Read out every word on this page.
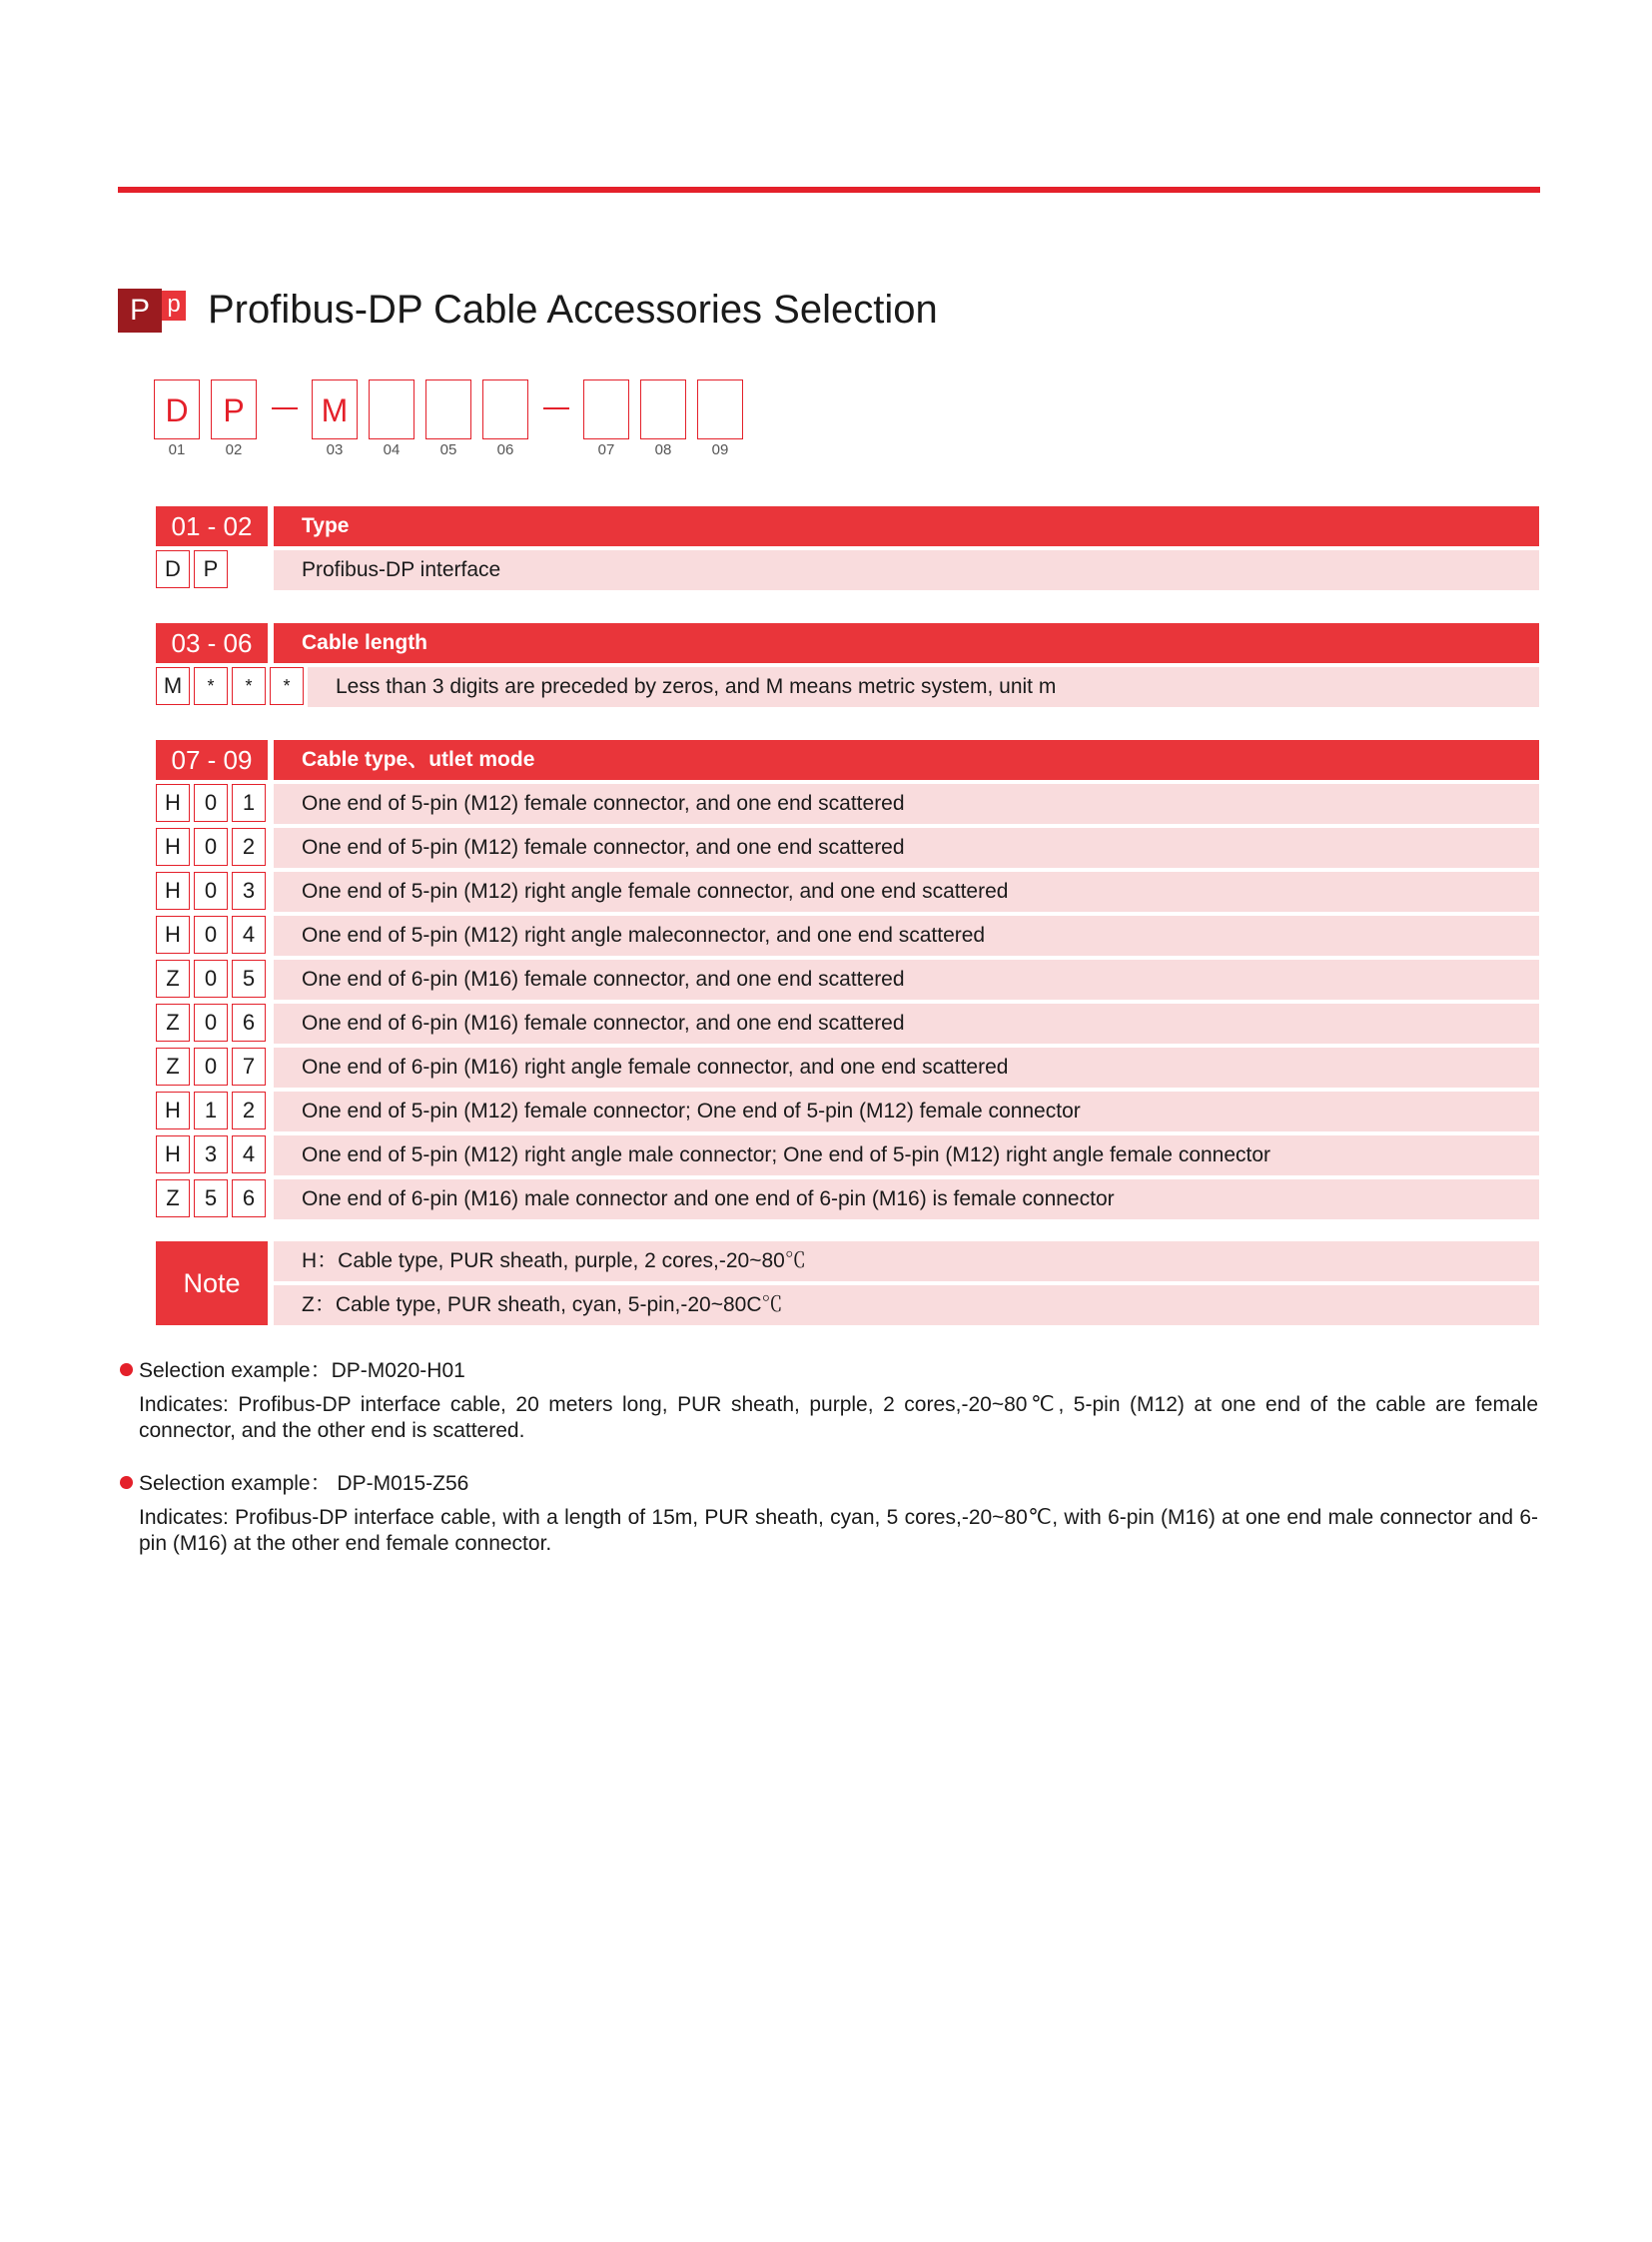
P p Profibus-DP Cable Accessories Selection
D	P	M
01	02	03	04	05	06	07	08	09
01 - 02	Type
D	P	Profibus-DP interface
03 - 06	Cable length
M	*	*	*	Less than 3 digits are preceded by zeros, and M means metric system, unit m
07 - 09	Cable type、utlet mode
H	0	1	One end of 5-pin (M12) female connector, and one end scattered
H	0	2	One end of 5-pin (M12) female connector, and one end scattered
H	0	3	One end of 5-pin (M12) right angle female connector, and one end scattered
H	0	4	One end of 5-pin (M12) right angle maleconnector, and one end scattered
Z	0	5	One end of 6-pin (M16) female connector, and one end scattered
Z	0	6	One end of 6-pin (M16) female connector, and one end scattered
Z	0	7	One end of 6-pin (M16) right angle female connector, and one end scattered
H	1	2	One end of 5-pin (M12) female connector; One end of 5-pin (M12) female connector
H	3	4	One end of 5-pin (M12) right angle male connector; One end of 5-pin (M12) right angle female connector
Z	5	6	One end of 6-pin (M16) male connector and one end of 6-pin (M16) is female connector
Note
H：Cable type, PUR sheath, purple, 2 cores,-20~80℃
Z：Cable type, PUR sheath, cyan, 5-pin,-20~80C℃
Selection example：DP-M020-H01
Indicates: Profibus-DP interface cable, 20 meters long, PUR sheath, purple, 2 cores,-20~80℃, 5-pin (M12) at one end of the cable are female connector, and the other end is scattered.
Selection example： DP-M015-Z56
Indicates: Profibus-DP interface cable, with a length of 15m, PUR sheath, cyan, 5 cores,-20~80℃, with 6-pin (M16) at one end male connector and 6-pin (M16) at the other end female connector.
